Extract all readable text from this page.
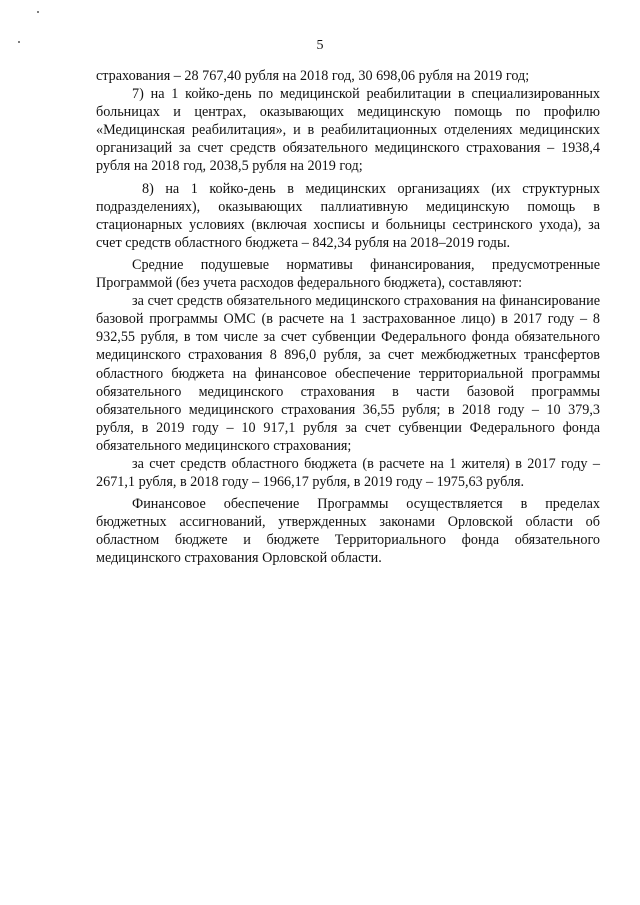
5

страхования – 28 767,40 рубля на 2018 год, 30 698,06 рубля на 2019 год;

7) на 1 койко-день по медицинской реабилитации в специализированных больницах и центрах, оказывающих медицинскую помощь по профилю «Медицинская реабилитация», и в реабилитационных отделениях медицинских организаций за счет средств обязательного медицинского страхования – 1938,4 рубля на 2018 год, 2038,5 рубля на 2019 год;

8) на 1 койко-день в медицинских организациях (их структурных подразделениях), оказывающих паллиативную медицинскую помощь в стационарных условиях (включая хосписы и больницы сестринского ухода), за счет средств областного бюджета – 842,34 рубля на 2018–2019 годы.

Средние подушевые нормативы финансирования, предусмотренные Программой (без учета расходов федерального бюджета), составляют:

за счет средств обязательного медицинского страхования на финансирование базовой программы ОМС (в расчете на 1 застрахованное лицо) в 2017 году – 8 932,55 рубля, в том числе за счет субвенции Федерального фонда обязательного медицинского страхования 8 896,0 рубля, за счет межбюджетных трансфертов областного бюджета на финансовое обеспечение территориальной программы обязательного медицинского страхования в части базовой программы обязательного медицинского страхования 36,55 рубля; в 2018 году – 10 379,3 рубля, в 2019 году – 10 917,1 рубля за счет субвенции Федерального фонда обязательного медицинского страхования;

за счет средств областного бюджета (в расчете на 1 жителя) в 2017 году – 2671,1 рубля, в 2018 году – 1966,17 рубля, в 2019 году – 1975,63 рубля.

Финансовое обеспечение Программы осуществляется в пределах бюджетных ассигнований, утвержденных законами Орловской области об областном бюджете и бюджете Территориального фонда обязательного медицинского страхования Орловской области.
